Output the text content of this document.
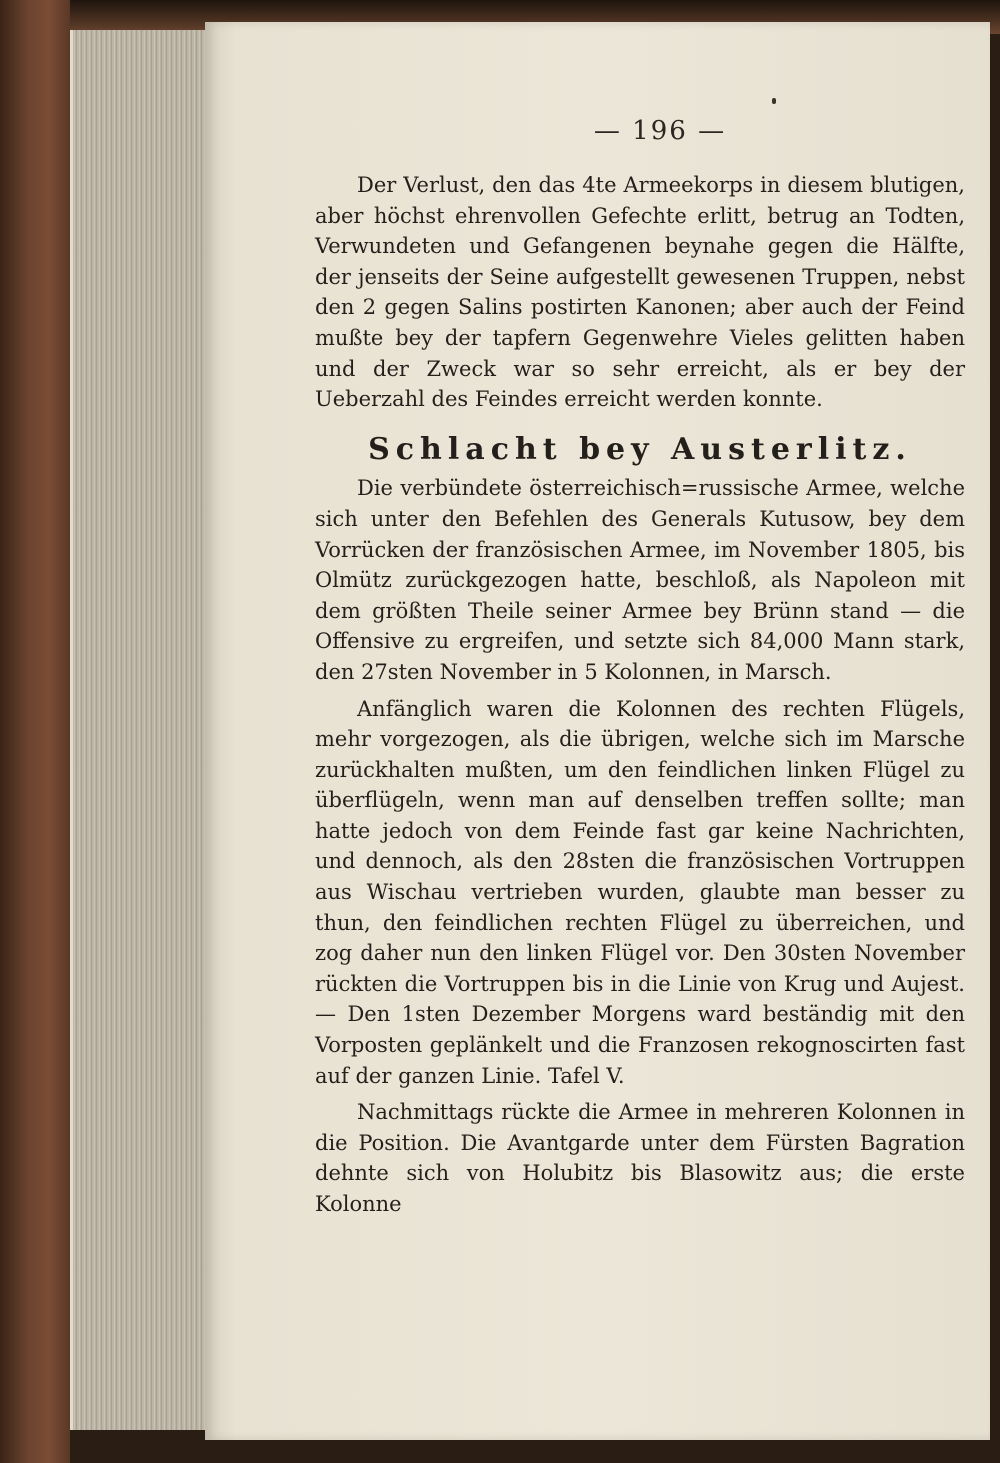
— 196 —

Der Verlust, den das 4te Armeekorps in diesem blutigen, aber höchst ehrenvollen Gefechte erlitt, betrug an Todten, Verwundeten und Gefangenen beynahe gegen die Hälfte, der jenseits der Seine aufgestellt gewesenen Truppen, nebst den 2 gegen Salins postirten Kanonen; aber auch der Feind mußte bey der tapfern Gegenwehre Vieles gelitten haben und der Zweck war so sehr erreicht, als er bey der Ueberzahl des Feindes erreicht werden konnte.

Schlacht bey Austerlitz.

Die verbündete österreichisch=russische Armee, welche sich unter den Befehlen des Generals Kutusow, bey dem Vorrücken der französischen Armee, im November 1805, bis Olmütz zurückgezogen hatte, beschloß, als Napoleon mit dem größten Theile seiner Armee bey Brünn stand — die Offensive zu ergreifen, und setzte sich 84,000 Mann stark, den 27sten November in 5 Kolonnen, in Marsch.

Anfänglich waren die Kolonnen des rechten Flügels, mehr vorgezogen, als die übrigen, welche sich im Marsche zurückhalten mußten, um den feindlichen linken Flügel zu überflügeln, wenn man auf denselben treffen sollte; man hatte jedoch von dem Feinde fast gar keine Nachrichten, und dennoch, als den 28sten die französischen Vortruppen aus Wischau vertrieben wurden, glaubte man besser zu thun, den feindlichen rechten Flügel zu überreichen, und zog daher nun den linken Flügel vor. Den 30sten November rückten die Vortruppen bis in die Linie von Krug und Aujest. — Den 1sten Dezember Morgens ward beständig mit den Vorposten geplänkelt und die Franzosen rekognoscirten fast auf der ganzen Linie. Tafel V.

Nachmittags rückte die Armee in mehreren Kolonnen in die Position. Die Avantgarde unter dem Fürsten Bagration dehnte sich von Holubitz bis Blasowitz aus; die erste Kolonne
